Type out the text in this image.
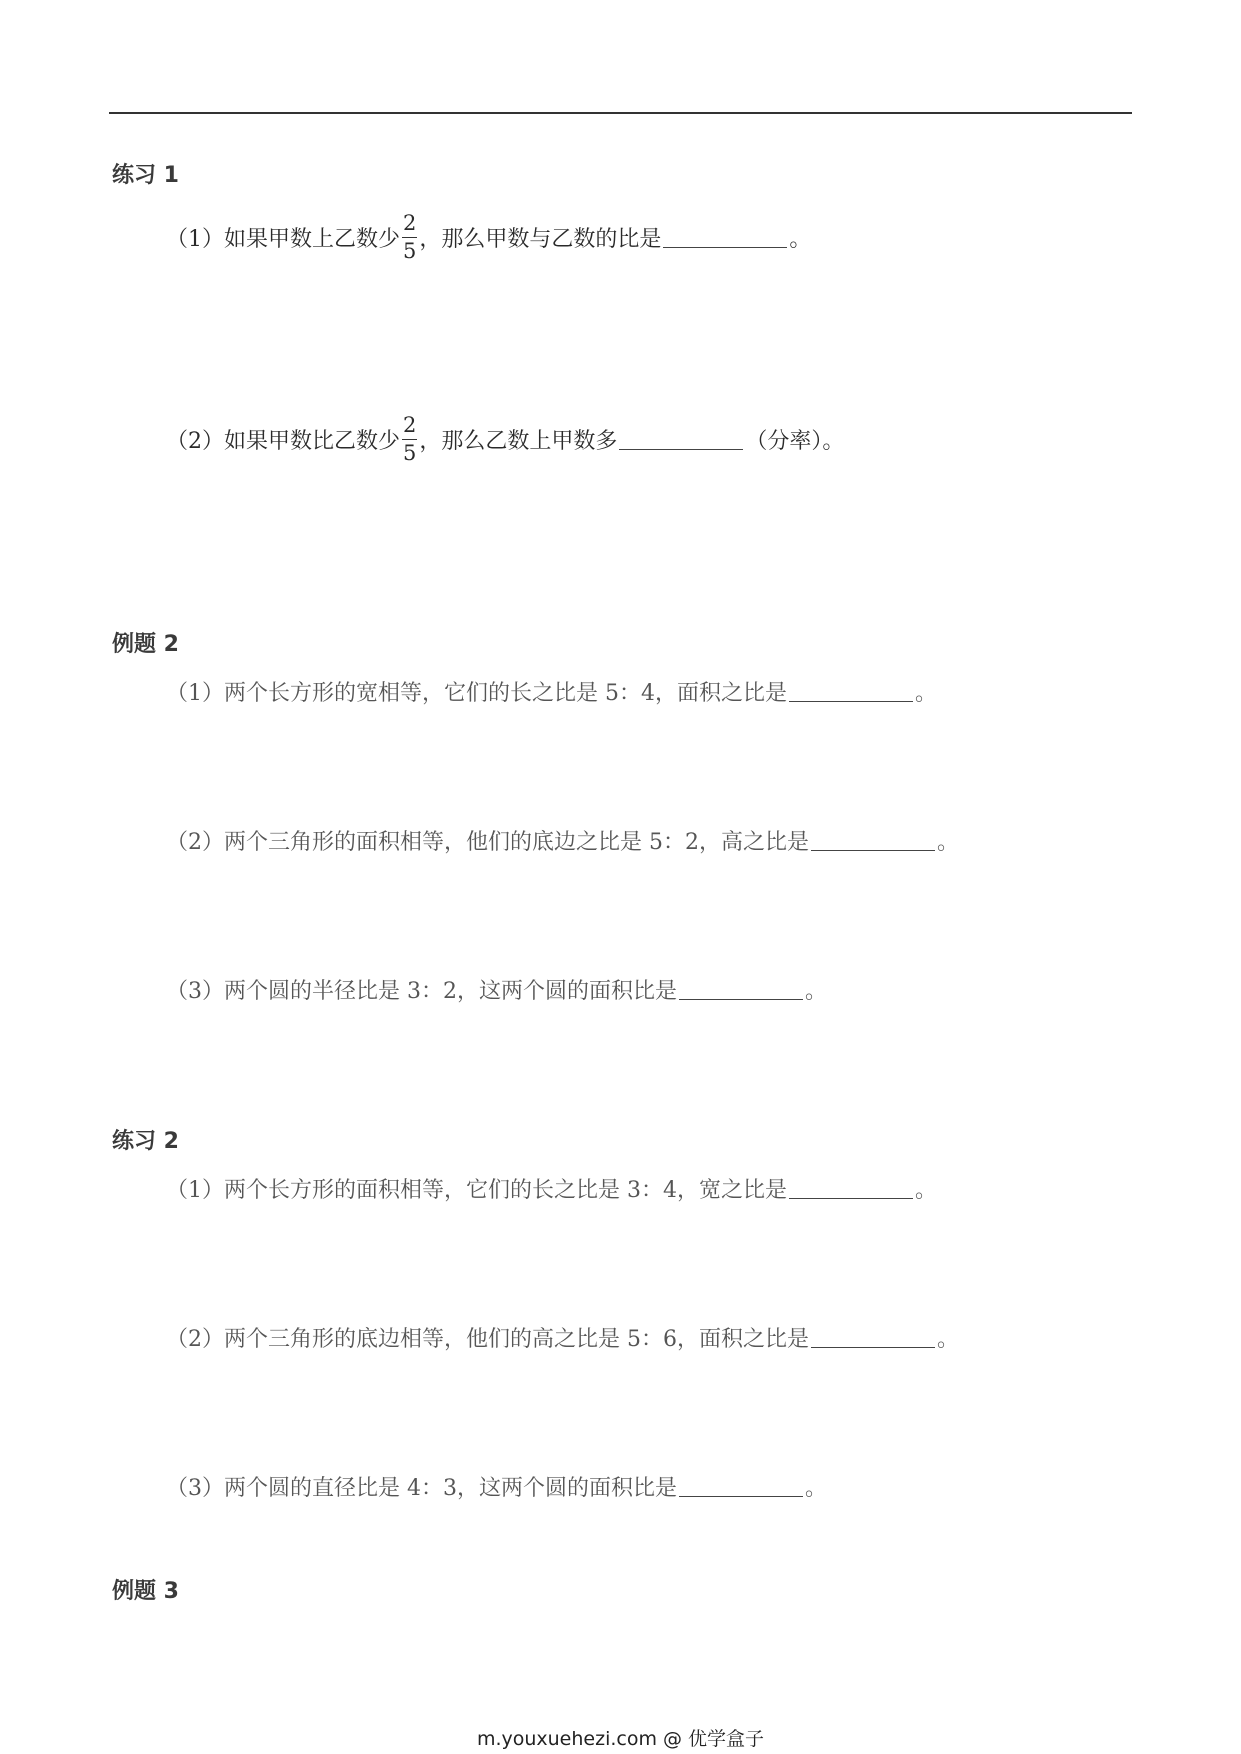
练习 1
（1）如果甲数上乙数少 $\frac{2}{5}$ ，那么甲数与乙数的比是	。
（2）如果甲数比乙数少 $\frac{2}{5}$ ，那么乙数上甲数多	（分率）。
例题 2
（1）两个长方形的宽相等，它们的长之比是 5：4，面积之比是	。
（2）两个三角形的面积相等，他们的底边之比是 5：2，高之比是	。
（3）两个圆的半径比是 3：2，这两个圆的面积比是	。
练习 2
（1）两个长方形的面积相等，它们的长之比是 3：4，宽之比是	。
（2）两个三角形的底边相等，他们的高之比是 5：6，面积之比是	。
（3）两个圆的直径比是 4：3，这两个圆的面积比是	。
例题 3
m.youxuehezi.com @ 优学盒子
